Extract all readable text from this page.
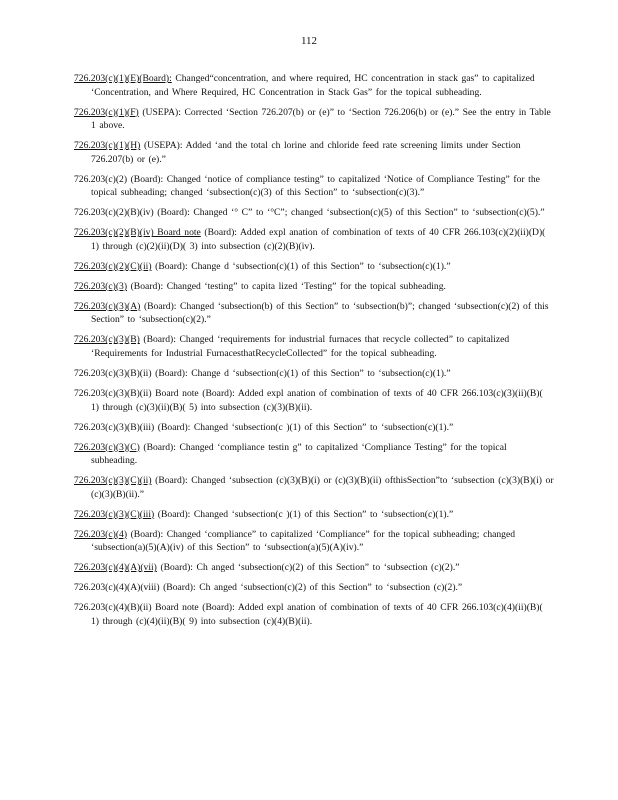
112

726.203(c)(1)(E)(Board): Changed“concentration, and where required, HC concentration in stack gas” to capitalized ‘Concentration, and Where Required, HC Concentration in Stack Gas” for the topical subheading.

726.203(c)(1)(F) (USEPA): Corrected ‘Section 726.207(b) or (e)” to ‘Section 726.206(b) or (e).” See the entry in Table 1 above.

726.203(c)(1)(H) (USEPA): Added ‘and the total ch lorine and chloride feed rate screening limits under Section 726.207(b) or (e).”

726.203(c)(2) (Board): Changed ‘notice of compliance testing” to capitalized ‘Notice of Compliance Testing” for the topical subheading; changed ‘subsection(c)(3) of this Section” to ‘subsection(c)(3).”

726.203(c)(2)(B)(iv) (Board): Changed ‘° C” to ‘°C”; changed ‘subsection(c)(5) of this Section” to ‘subsection(c)(5).”

726.203(c)(2)(B)(iv) Board note (Board): Added expl anation of combination of texts of 40 CFR 266.103(c)(2)(ii)(D)( 1) through (c)(2)(ii)(D)( 3) into subsection (c)(2)(B)(iv).

726.203(c)(2)(C)(ii) (Board): Change d ‘subsection(c)(1) of this Section” to ‘subsection(c)(1).”

726.203(c)(3) (Board): Changed ‘testing” to capita lized ‘Testing” for the topical subheading.

726.203(c)(3)(A) (Board): Changed ‘subsection(b) of this Section” to ‘subsection(b)”; changed ‘subsection(c)(2) of this Section” to ‘subsection(c)(2).”

726.203(c)(3)(B) (Board): Changed ‘requirements for industrial furnaces that recycle collected” to capitalized ‘Requirements for Industrial FurnacesthatRecycleCollected” for the topical subheading.

726.203(c)(3)(B)(ii) (Board): Change d ‘subsection(c)(1) of this Section” to ‘subsection(c)(1).”

726.203(c)(3)(B)(ii) Board note (Board): Added expl anation of combination of texts of 40 CFR 266.103(c)(3)(ii)(B)( 1) through (c)(3)(ii)(B)( 5) into subsection (c)(3)(B)(ii).

726.203(c)(3)(B)(iii) (Board): Changed ‘subsection(c )(1) of this Section” to ‘subsection(c)(1).”

726.203(c)(3)(C) (Board): Changed ‘compliance testin g” to capitalized ‘Compliance Testing” for the topical subheading.

726.203(c)(3)(C)(ii) (Board): Changed ‘subsection (c)(3)(B)(i) or (c)(3)(B)(ii) ofthisSection”to ‘subsection (c)(3)(B)(i) or (c)(3)(B)(ii).”

726.203(c)(3)(C)(iii) (Board): Changed ‘subsection(c )(1) of this Section” to ‘subsection(c)(1).”

726.203(c)(4) (Board): Changed ‘compliance” to capitalized ‘Compliance” for the topical subheading; changed ‘subsection(a)(5)(A)(iv) of this Section” to ‘subsection(a)(5)(A)(iv).”

726.203(c)(4)(A)(vii) (Board): Ch anged ‘subsection(c)(2) of this Section” to ‘subsection (c)(2).”

726.203(c)(4)(A)(viii) (Board): Ch anged ‘subsection(c)(2) of this Section” to ‘subsection (c)(2).”

726.203(c)(4)(B)(ii) Board note (Board): Added expl anation of combination of texts of 40 CFR 266.103(c)(4)(ii)(B)( 1) through (c)(4)(ii)(B)( 9) into subsection (c)(4)(B)(ii).
